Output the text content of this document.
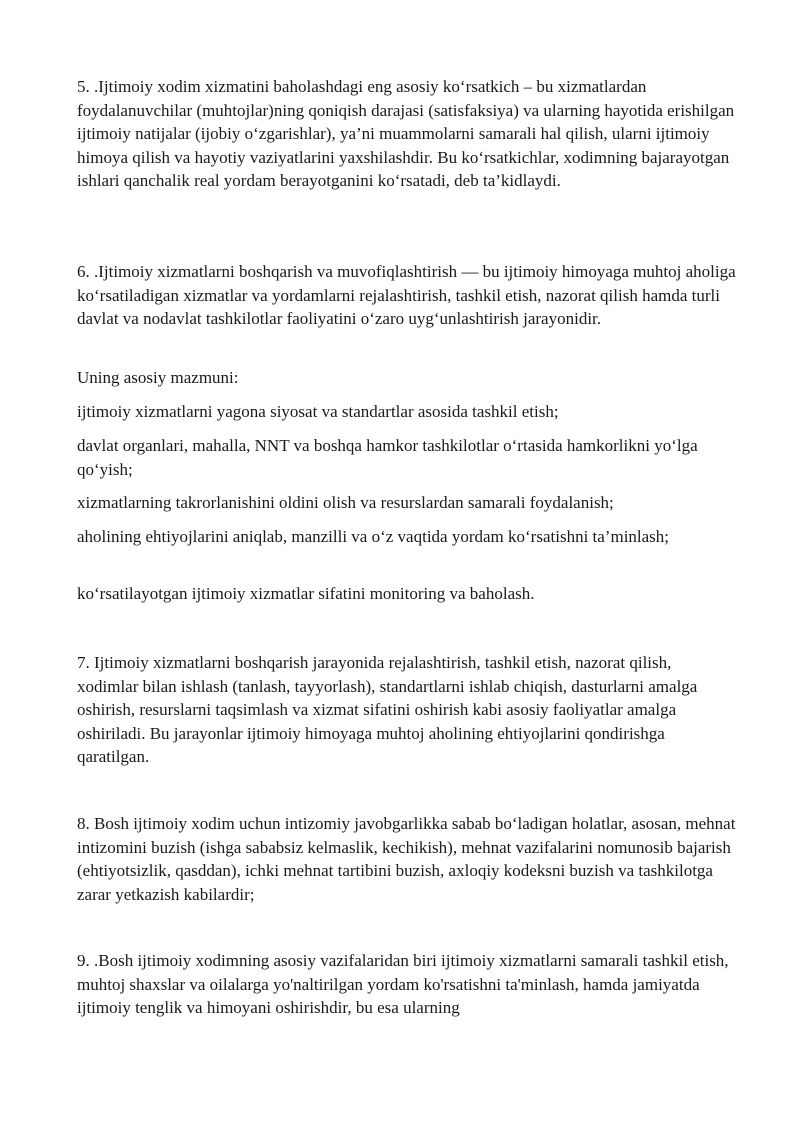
5. .Ijtimoiy xodim xizmatini baholashdagi eng asosiy ko‘rsatkich – bu xizmatlardan foydalanuvchilar (muhtojlar)ning qoniqish darajasi (satisfaksiya) va ularning hayotida erishilgan ijtimoiy natijalar (ijobiy o‘zgarishlar), ya’ni muammolarni samarali hal qilish, ularni ijtimoiy himoya qilish va hayotiy vaziyatlarini yaxshilashdir. Bu ko‘rsatkichlar, xodimning bajarayotgan ishlari qanchalik real yordam berayotganini ko‘rsatadi, deb ta’kidlaydi.

6. .Ijtimoiy xizmatlarni boshqarish va muvofiqlashtirish — bu ijtimoiy himoyaga muhtoj aholiga ko‘rsatiladigan xizmatlar va yordamlarni rejalashtirish, tashkil etish, nazorat qilish hamda turli davlat va nodavlat tashkilotlar faoliyatini o‘zaro uyg‘unlashtirish jarayonidir.

Uning asosiy mazmuni:

ijtimoiy xizmatlarni yagona siyosat va standartlar asosida tashkil etish;

davlat organlari, mahalla, NNT va boshqa hamkor tashkilotlar o‘rtasida hamkorlikni yo‘lga qo‘yish;

xizmatlarning takrorlanishini oldini olish va resurslardan samarali foydalanish;

aholining ehtiyojlarini aniqlab, manzilli va o‘z vaqtida yordam ko‘rsatishni ta’minlash;

ko‘rsatilayotgan ijtimoiy xizmatlar sifatini monitoring va baholash.

7. Ijtimoiy xizmatlarni boshqarish jarayonida rejalashtirish, tashkil etish, nazorat qilish, xodimlar bilan ishlash (tanlash, tayyorlash), standartlarni ishlab chiqish, dasturlarni amalga oshirish, resurslarni taqsimlash va xizmat sifatini oshirish kabi asosiy faoliyatlar amalga oshiriladi. Bu jarayonlar ijtimoiy himoyaga muhtoj aholining ehtiyojlarini qondirishga qaratilgan.

8. Bosh ijtimoiy xodim uchun intizomiy javobgarlikka sabab bo‘ladigan holatlar, asosan, mehnat intizomini buzish (ishga sababsiz kelmaslik, kechikish), mehnat vazifalarini nomunosib bajarish (ehtiyotsizlik, qasddan), ichki mehnat tartibini buzish, axloqiy kodeksni buzish va tashkilotga zarar yetkazish kabilardir;

9. .Bosh ijtimoiy xodimning asosiy vazifalaridan biri ijtimoiy xizmatlarni samarali tashkil etish, muhtoj shaxslar va oilalarga yo'naltirilgan yordam ko'rsatishni ta'minlash, hamda jamiyatda ijtimoiy tenglik va himoyani oshirishdir, bu esa ularning
